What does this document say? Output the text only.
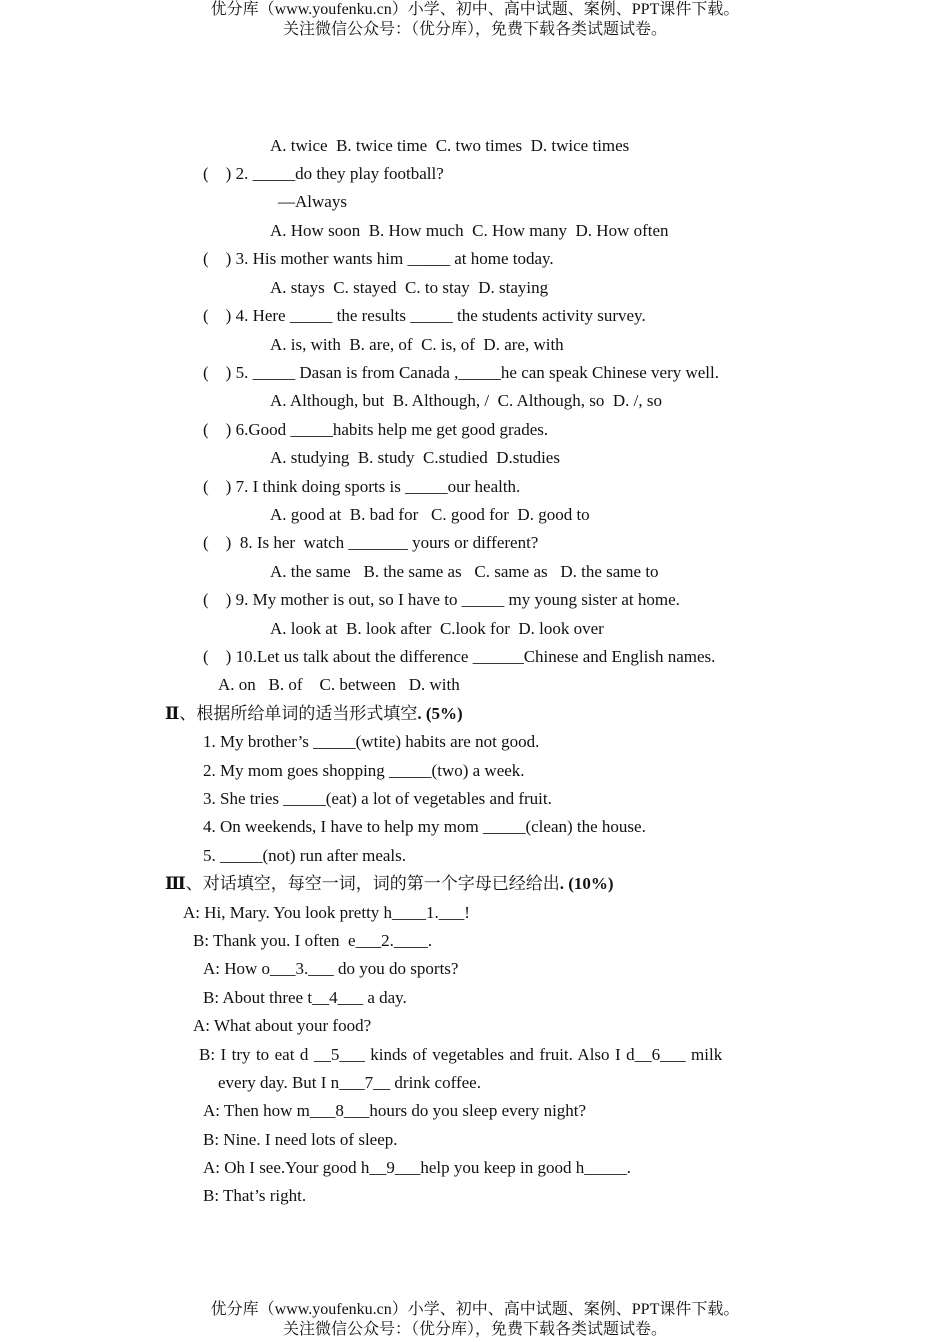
优分库（www.youfenku.cn）小学、初中、高中试题、案例、PPT课件下载。
关注微信公众号：（优分库），免费下载各类试题试卷。
A. twice  B. twice time  C. two times  D. twice times
(    ) 2. _____do they play football?
—Always
A. How soon  B. How much  C. How many  D. How often
(    ) 3. His mother wants him _____ at home today.
A. stays  C. stayed  C. to stay  D. staying
(    ) 4. Here _____ the results _____ the students activity survey.
A. is, with  B. are, of  C. is, of  D. are, with
(    ) 5. _____ Dasan is from Canada ,_____he can speak Chinese very well.
A. Although, but  B. Although, /  C. Although, so  D. /, so
(    ) 6.Good _____habits help me get good grades.
A. studying  B. study  C.studied  D.studies
(    ) 7. I think doing sports is _____our health.
A. good at  B. bad for   C. good for  D. good to
(    )  8. Is her  watch _______ yours or different?
A. the same   B. the same as   C. same as   D. the same to
(    ) 9. My mother is out, so I have to _____ my young sister at home.
A. look at  B. look after  C.look for  D. look over
(    ) 10.Let us talk about the difference ______Chinese and English names.
A. on   B. of    C. between   D. with
Ⅱ、根据所给单词的适当形式填空. (5%)
1. My brother’s _____(wtite) habits are not good.
2. My mom goes shopping _____(two) a week.
3. She tries _____(eat) a lot of vegetables and fruit.
4. On weekends, I have to help my mom _____(clean) the house.
5. _____(not) run after meals.
Ⅲ、对话填空，每空一词，词的第一个字母已经给出. (10%)
A: Hi, Mary. You look pretty h____1.___!
B: Thank you. I often  e___2.____.
A: How o___3.___ do you do sports?
B: About three t__4___ a day.
A: What about your food?
B: I try to eat d __5___ kinds of vegetables and fruit. Also I d__6___ milk
every day. But I n___7__ drink coffee.
A: Then how m___8___hours do you sleep every night?
B: Nine. I need lots of sleep.
A: Oh I see.Your good h__9___help you keep in good h_____.
B: That’s right.
优分库（www.youfenku.cn）小学、初中、高中试题、案例、PPT课件下载。
关注微信公众号：（优分库），免费下载各类试题试卷。
